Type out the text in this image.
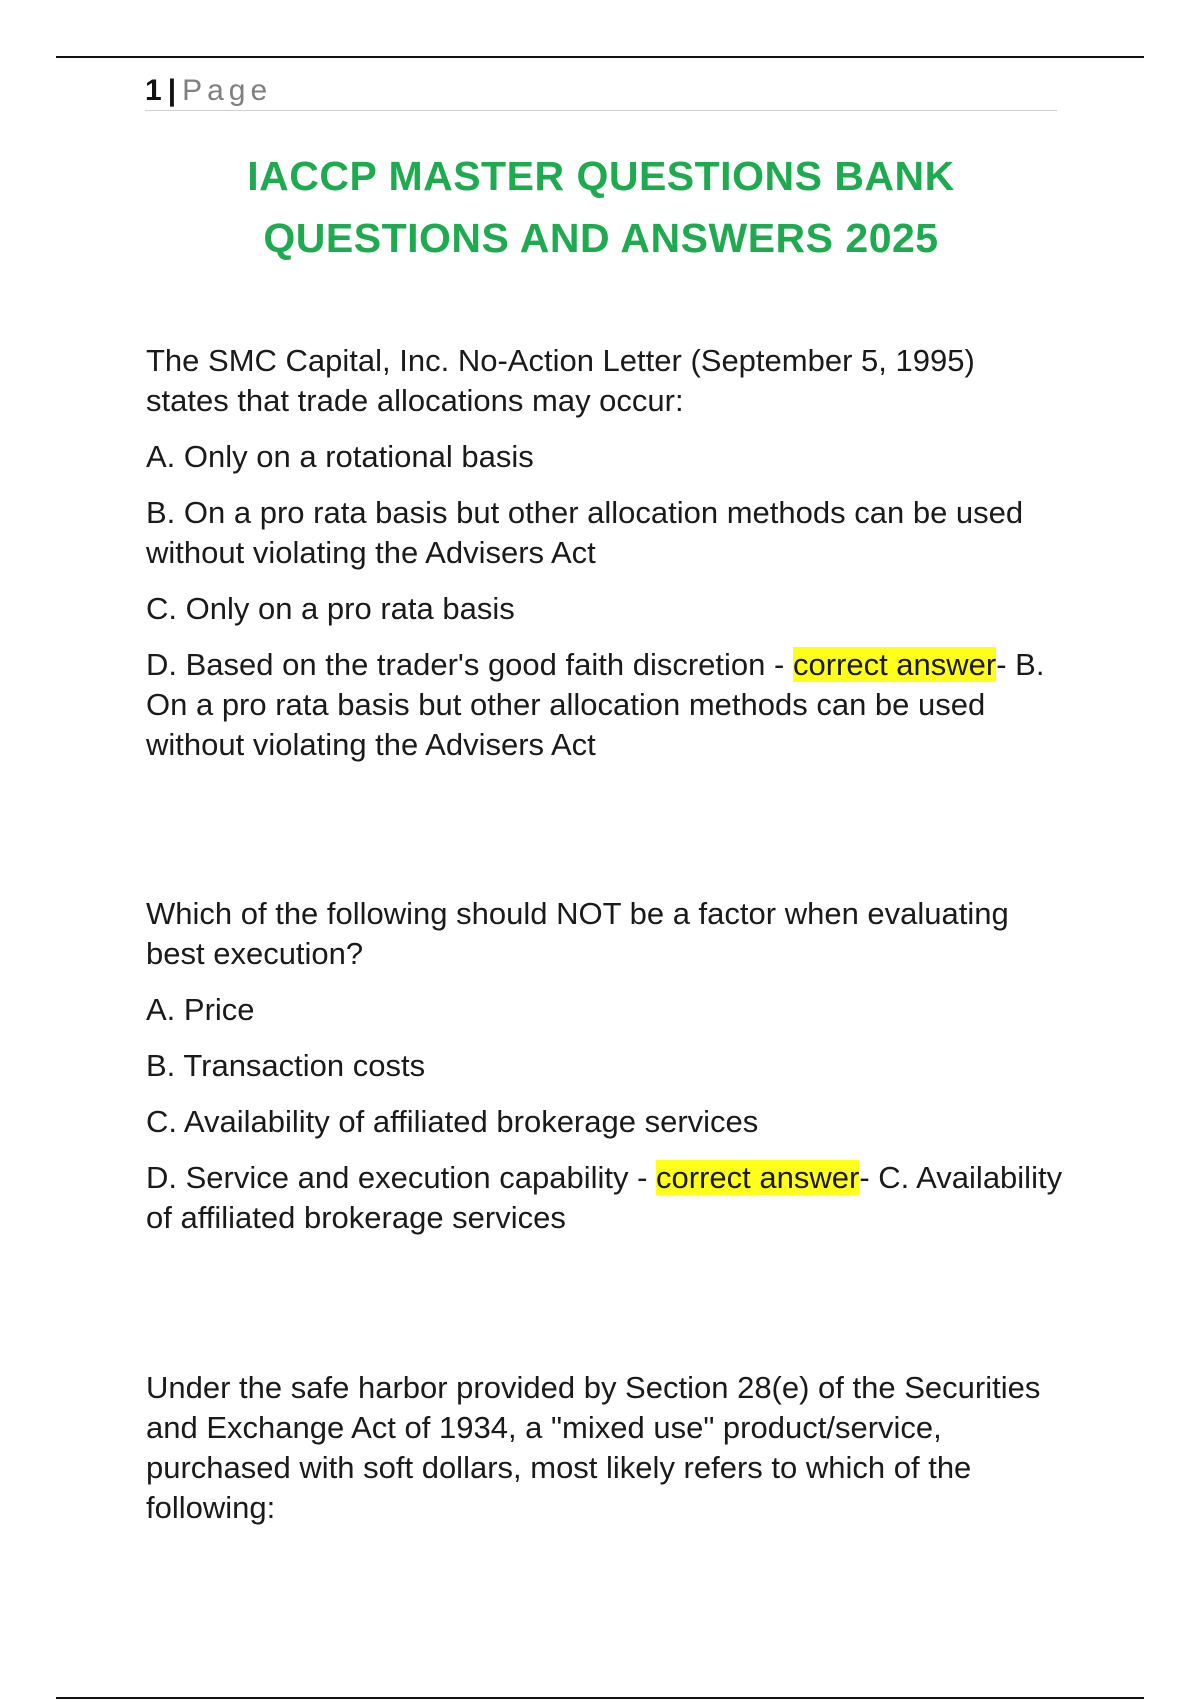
1 | Page
IACCP MASTER QUESTIONS BANK
QUESTIONS AND ANSWERS 2025

The SMC Capital, Inc. No-Action Letter (September 5, 1995) states that trade allocations may occur:

A. Only on a rotational basis

B. On a pro rata basis but other allocation methods can be used without violating the Advisers Act

C. Only on a pro rata basis

D. Based on the trader's good faith discretion - correct answer- B. On a pro rata basis but other allocation methods can be used without violating the Advisers Act

Which of the following should NOT be a factor when evaluating best execution?

A. Price

B. Transaction costs

C. Availability of affiliated brokerage services

D. Service and execution capability - correct answer- C. Availability of affiliated brokerage services

Under the safe harbor provided by Section 28(e) of the Securities and Exchange Act of 1934, a "mixed use" product/service, purchased with soft dollars, most likely refers to which of the following:
